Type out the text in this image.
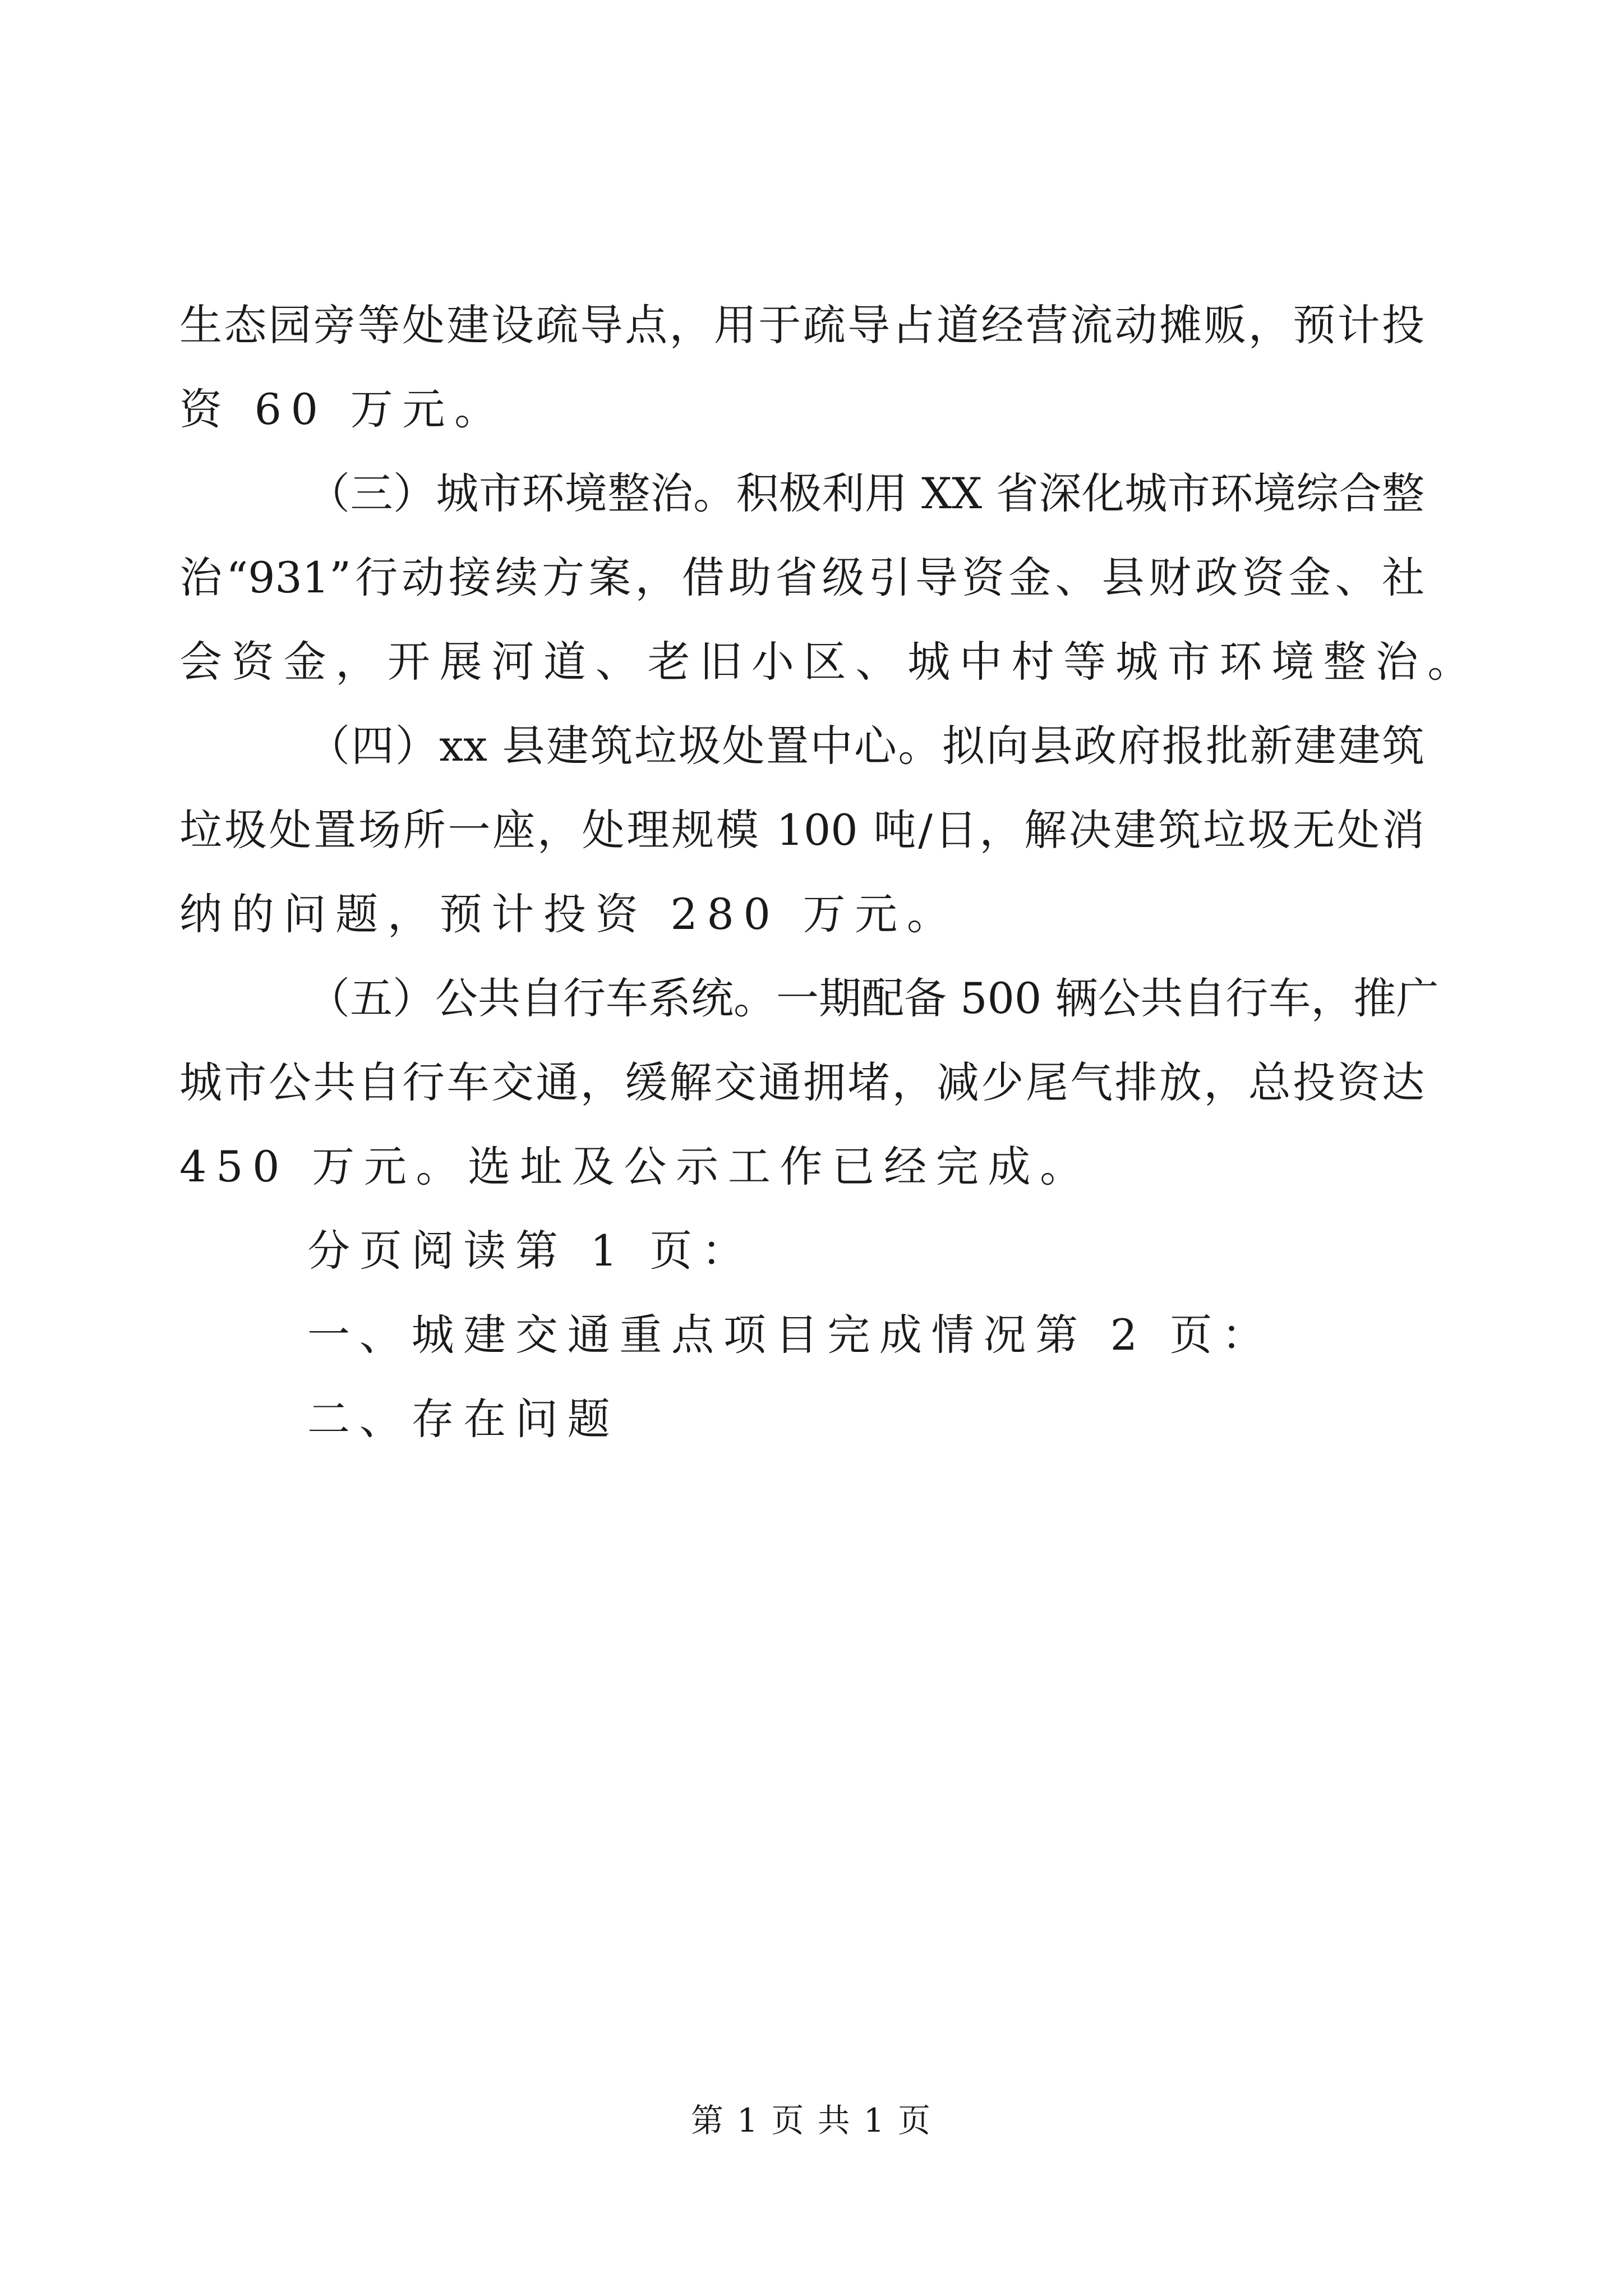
生态园旁等处建设疏导点，用于疏导占道经营流动摊贩，预计投
资 60 万元。
（三）城市环境整治。积极利用 XX 省深化城市环境综合整
治“931”行动接续方案，借助省级引导资金、县财政资金、社
会资金，开展河道、老旧小区、城中村等城市环境整治。
（四）xx 县建筑垃圾处置中心。拟向县政府报批新建建筑
垃圾处置场所一座，处理规模 100 吨/日，解决建筑垃圾无处消
纳的问题，预计投资 280 万元。
（五）公共自行车系统。一期配备 500 辆公共自行车，推广
城市公共自行车交通，缓解交通拥堵，减少尾气排放，总投资达
450 万元。选址及公示工作已经完成。
分页阅读第 1 页：
一、城建交通重点项目完成情况第 2 页：
二、存在问题
第 1 页 共 1 页
